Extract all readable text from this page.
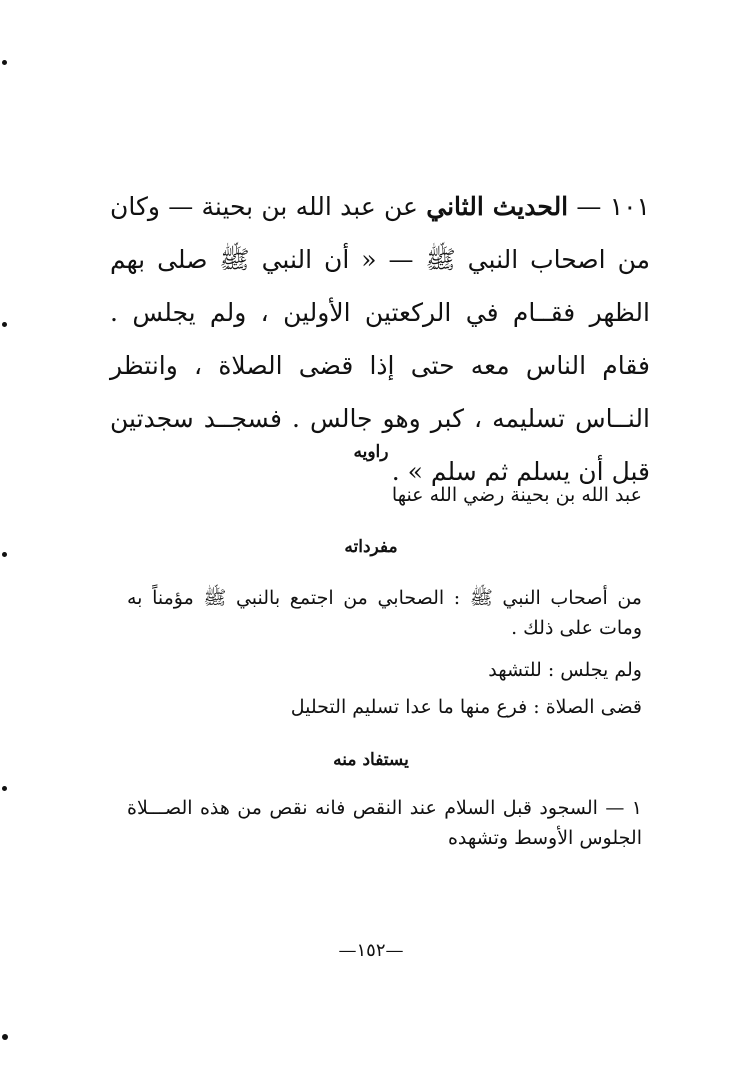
١٠١ — الحديث الثاني عن عبد الله بن بحينة — وكان من اصحاب النبي ﷺ — « أن النبي ﷺ صلى بهم الظهر فقــام في الركعتين الأولين ، ولم يجلس . فقام الناس معه حتى إذا قضى الصلاة ، وانتظر النــاس تسليمه ، كبر وهو جالس . فسجــد سجدتين قبل أن يسلم ثم سلم » .

راويه

عبد الله بن بحينة رضي الله عنها

مفرداته

من أصحاب النبي ﷺ : الصحابي من اجتمع بالنبي ﷺ مؤمناً به ومات على ذلك .

ولم يجلس : للتشهد

قضى الصلاة : فرع منها ما عدا تسليم التحليل

يستفاد منه

١ — السجود قبل السلام عند النقص فانه نقص من هذه الصـــلاة الجلوس الأوسط وتشهده

—١٥٢—
